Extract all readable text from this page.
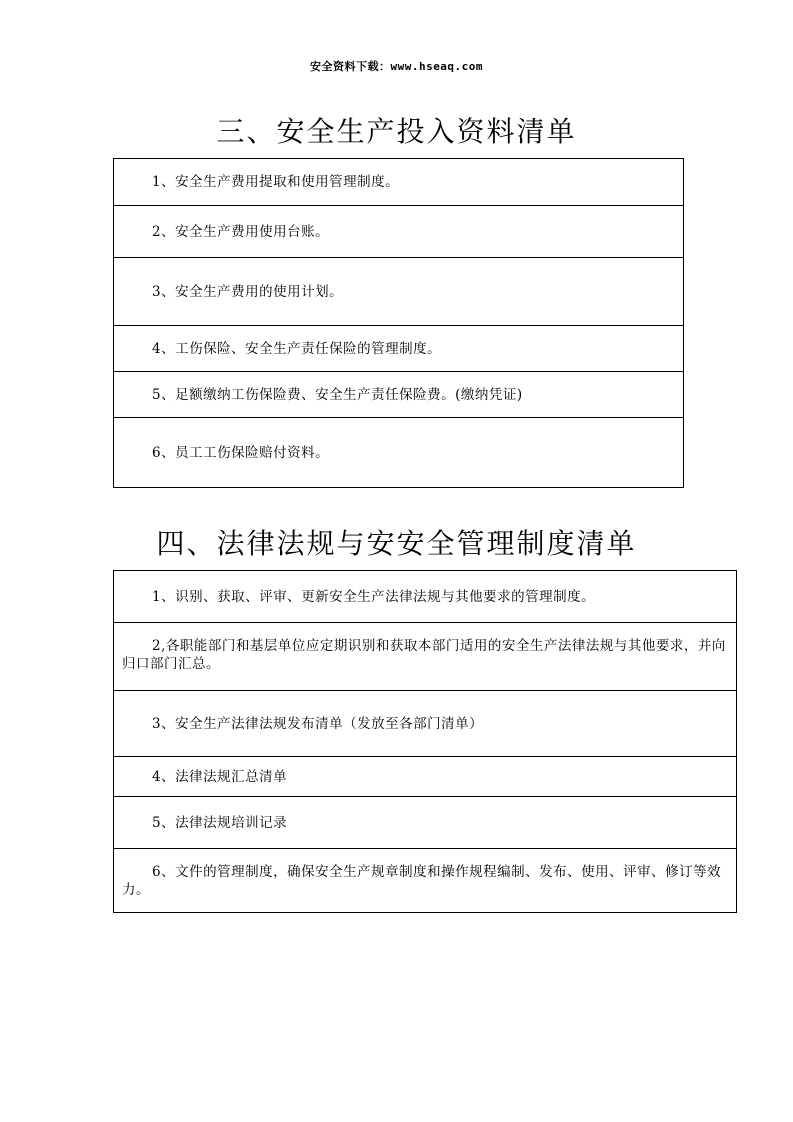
安全资料下载：www.hseaq.com
三、安全生产投入资料清单
1、安全生产费用提取和使用管理制度。
2、安全生产费用使用台账。
3、安全生产费用的使用计划。
4、工伤保险、安全生产责任保险的管理制度。
5、足额缴纳工伤保险费、安全生产责任保险费。(缴纳凭证)
6、员工工伤保险赔付资料。
四、法律法规与安安全管理制度清单
1、识别、获取、评审、更新安全生产法律法规与其他要求的管理制度。
2,各职能部门和基层单位应定期识别和获取本部门适用的安全生产法律法规与其他要求，并向归口部门汇总。
3、安全生产法律法规发布清单（发放至各部门清单）
4、法律法规汇总清单
5、法律法规培训记录
6、文件的管理制度，确保安全生产规章制度和操作规程编制、发布、使用、评审、修订等效力。
